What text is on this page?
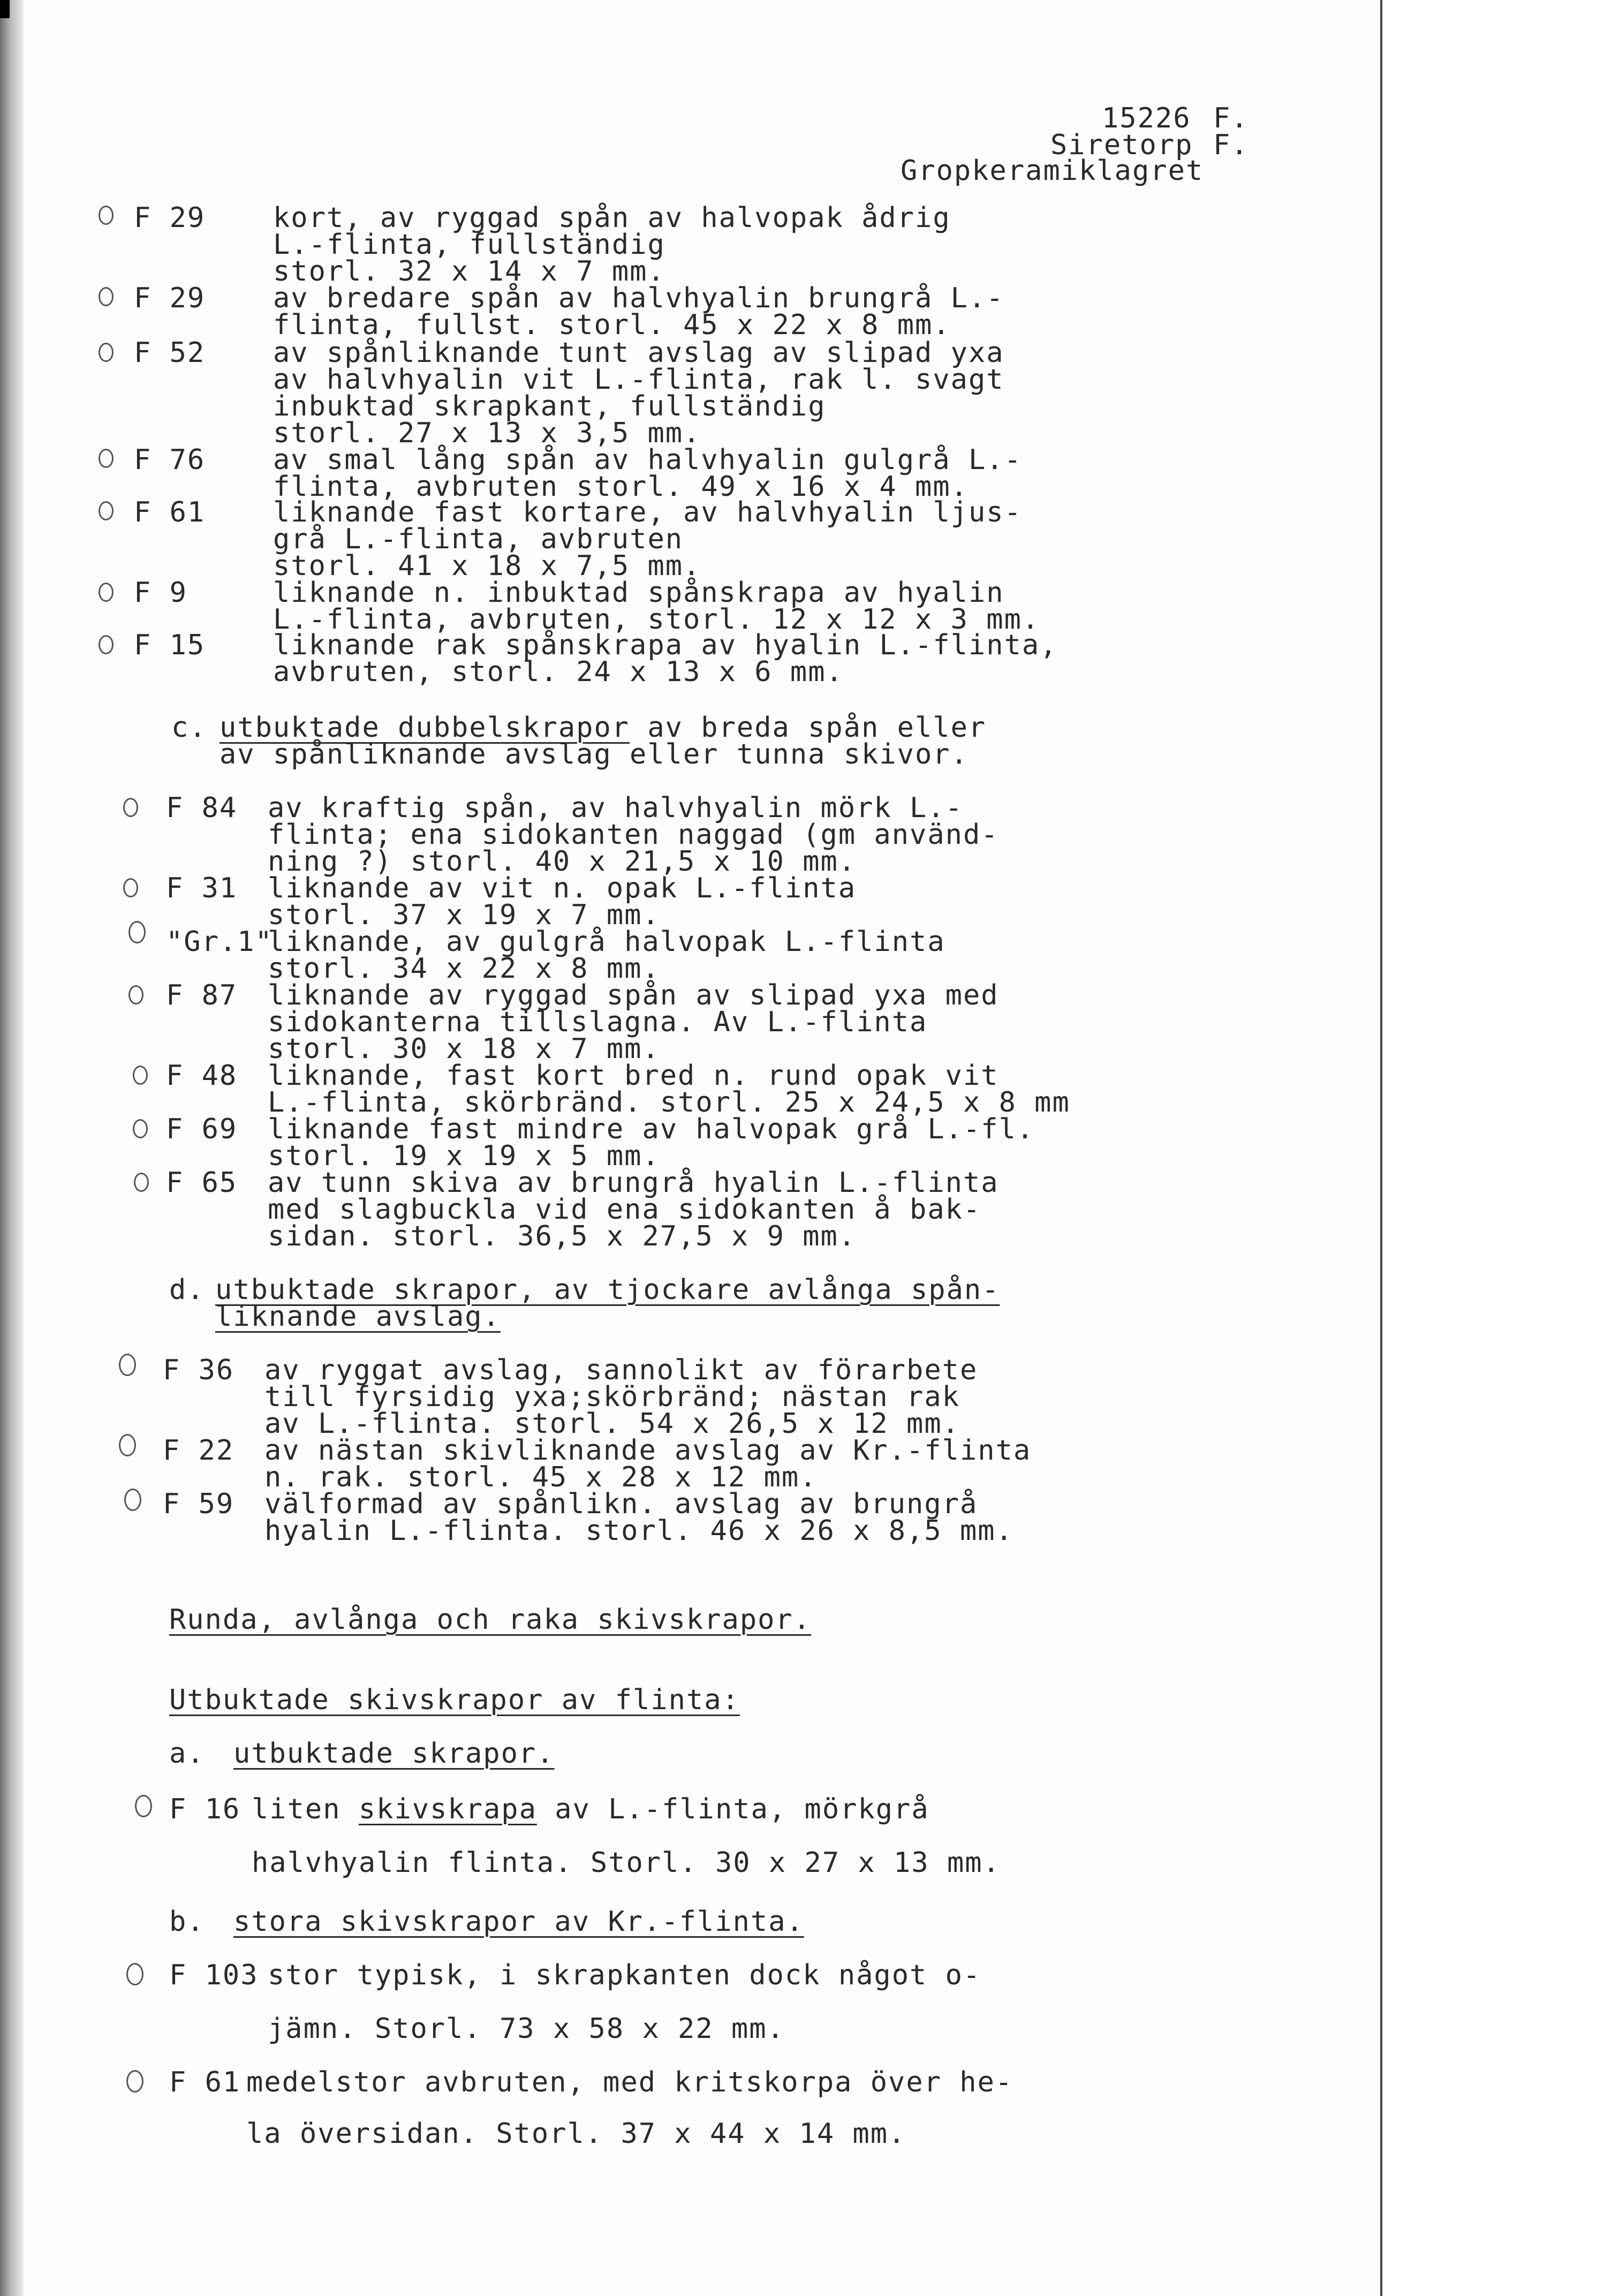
15226 F.
Siretorp F.
Gropkeramiklagret
F 29 kort, av ryggad spån av halvopak ådrig
L.-flinta, fullständig
storl. 32 x 14 x 7 mm.
F 29 av bredare spån av halvhyalin brungrå L.-
flinta, fullst. storl. 45 x 22 x 8 mm.
F 52 av spånliknande tunt avslag av slipad yxa
av halvhyalin vit L.-flinta, rak l. svagt
inbuktad skrapkant, fullständig
storl. 27 x 13 x 3,5 mm.
F 76 av smal lång spån av halvhyalin gulgrå L.-
flinta, avbruten storl. 49 x 16 x 4 mm.
F 61 liknande fast kortare, av halvhyalin ljus-
grå L.-flinta, avbruten
storl. 41 x 18 x 7,5 mm.
F 9	liknande n. inbuktad spånskrapa av hyalin
L.-flinta, avbruten, storl. 12 x 12 x 3 mm.
F 15 liknande rak spånskrapa av hyalin L.-flinta,
avbruten, storl. 24 x 13 x 6 mm.
c. utbuktade dubbelskrapor av breda spån eller
av spånliknande avslag eller tunna skivor.
F 84 av kraftig spån, av halvhyalin mörk L.-
flinta; ena sidokanten naggad (gm använd-
ning ?) storl. 40 x 21,5 x 10 mm.
F 31 liknande av vit n. opak L.-flinta
storl. 37 x 19 x 7 mm.
"Gr.1"
liknande, av gulgrå halvopak L.-flinta
storl. 34 x 22 x 8 mm.
F 87 liknande av ryggad spån av slipad yxa med
sidokanterna tillslagna. Av L.-flinta
storl. 30 x 18 x 7 mm.
F 48 liknande, fast kort bred n. rund opak vit
L.-flinta, skörbränd. storl. 25 x 24,5 x 8 mm
F 69 liknande fast mindre av halvopak grå L.-fl.
storl. 19 x 19 x 5 mm.
F 65 av tunn skiva av brungrå hyalin L.-flinta
med slagbuckla vid ena sidokanten å bak-
sidan. storl. 36,5 x 27,5 x 9 mm.
d. utbuktade skrapor, av tjockare avlånga spån-
liknande avslag.
F 36 av ryggat avslag, sannolikt av förarbete
till fyrsidig yxa;skörbränd; nästan rak
av L.-flinta. storl. 54 x 26,5 x 12 mm.
F 22 av nästan skivliknande avslag av Kr.-flinta
n. rak. storl. 45 x 28 x 12 mm.
F 59 välformad av spånlikn. avslag av brungrå
hyalin L.-flinta. storl. 46 x 26 x 8,5 mm.
Runda, avlånga och raka skivskrapor.
Utbuktade skivskrapor av flinta:
a. utbuktade skrapor.
F 16 liten skivskrapa av L.-flinta, mörkgrå
halvhyalin flinta. Storl. 30 x 27 x 13 mm.
b. stora skivskrapor av Kr.-flinta.
F 103 stor typisk, i skrapkanten dock något o-
jämn. Storl. 73 x 58 x 22 mm.
F 61 medelstor avbruten, med kritskorpa över he-
la översidan. Storl. 37 x 44 x 14 mm.
